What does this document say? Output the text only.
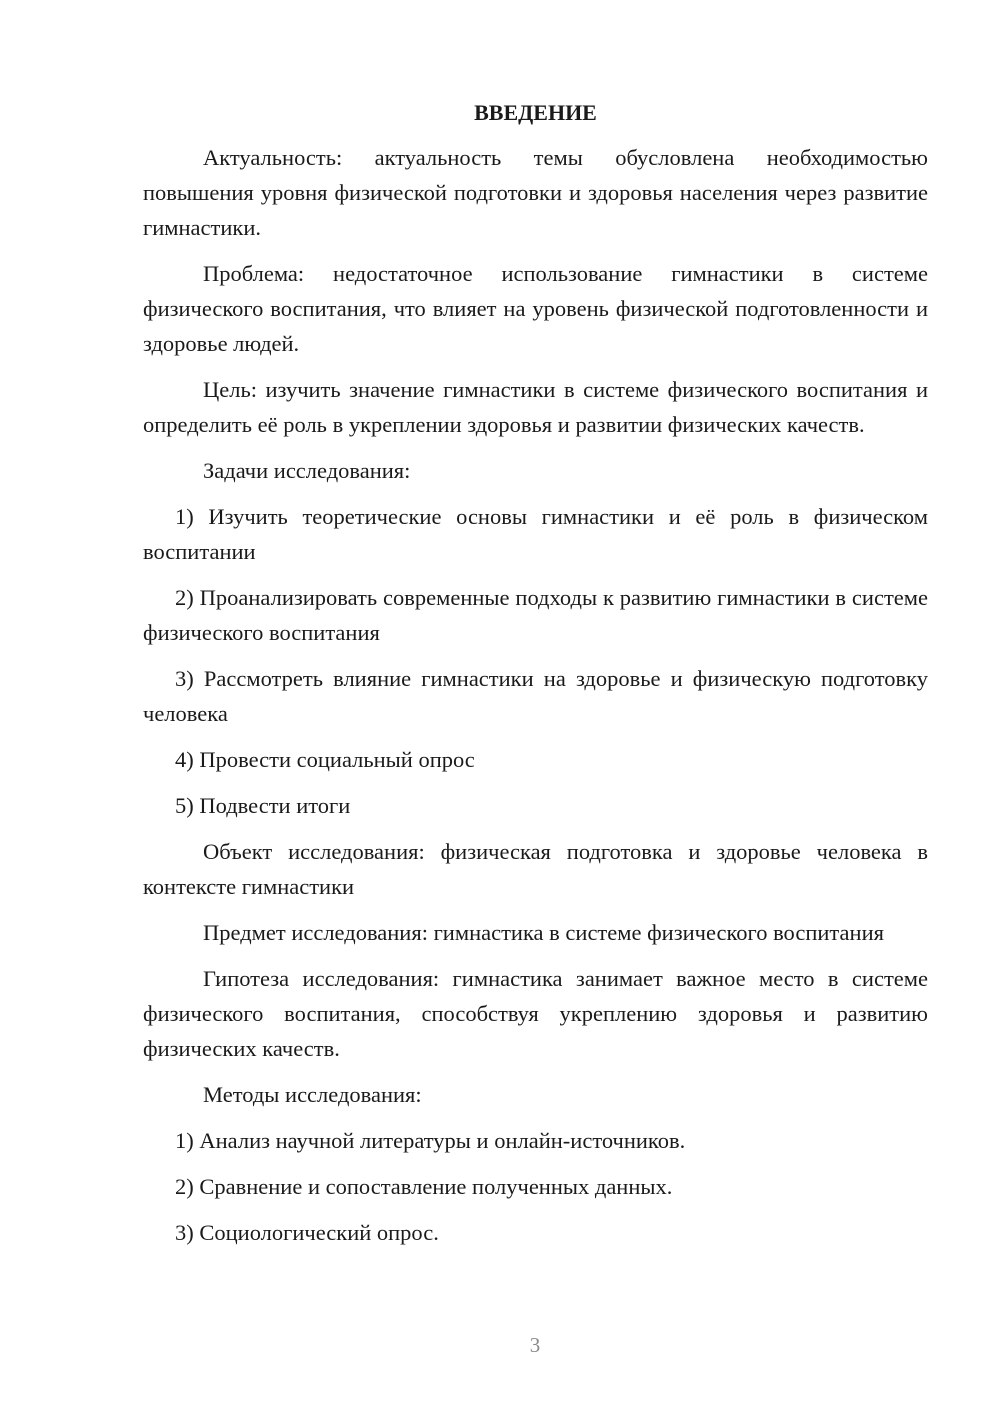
ВВЕДЕНИЕ

Актуальность: актуальность темы обусловлена необходимостью повышения уровня физической подготовки и здоровья населения через развитие гимнастики.

Проблема: недостаточное использование гимнастики в системе физического воспитания, что влияет на уровень физической подготовленности и здоровье людей.

Цель: изучить значение гимнастики в системе физического воспитания и определить её роль в укреплении здоровья и развитии физических качеств.

Задачи исследования:

1) Изучить теоретические основы гимнастики и её роль в физическом воспитании

2) Проанализировать современные подходы к развитию гимнастики в системе физического воспитания

3) Рассмотреть влияние гимнастики на здоровье и физическую подготовку человека

4) Провести социальный опрос

5) Подвести итоги

Объект исследования: физическая подготовка и здоровье человека в контексте гимнастики

Предмет исследования: гимнастика в системе физического воспитания

Гипотеза исследования: гимнастика занимает важное место в системе физического воспитания, способствуя укреплению здоровья и развитию физических качеств.

Методы исследования:

1) Анализ научной литературы и онлайн-источников.

2) Сравнение и сопоставление полученных данных.

3) Социологический опрос.

3
